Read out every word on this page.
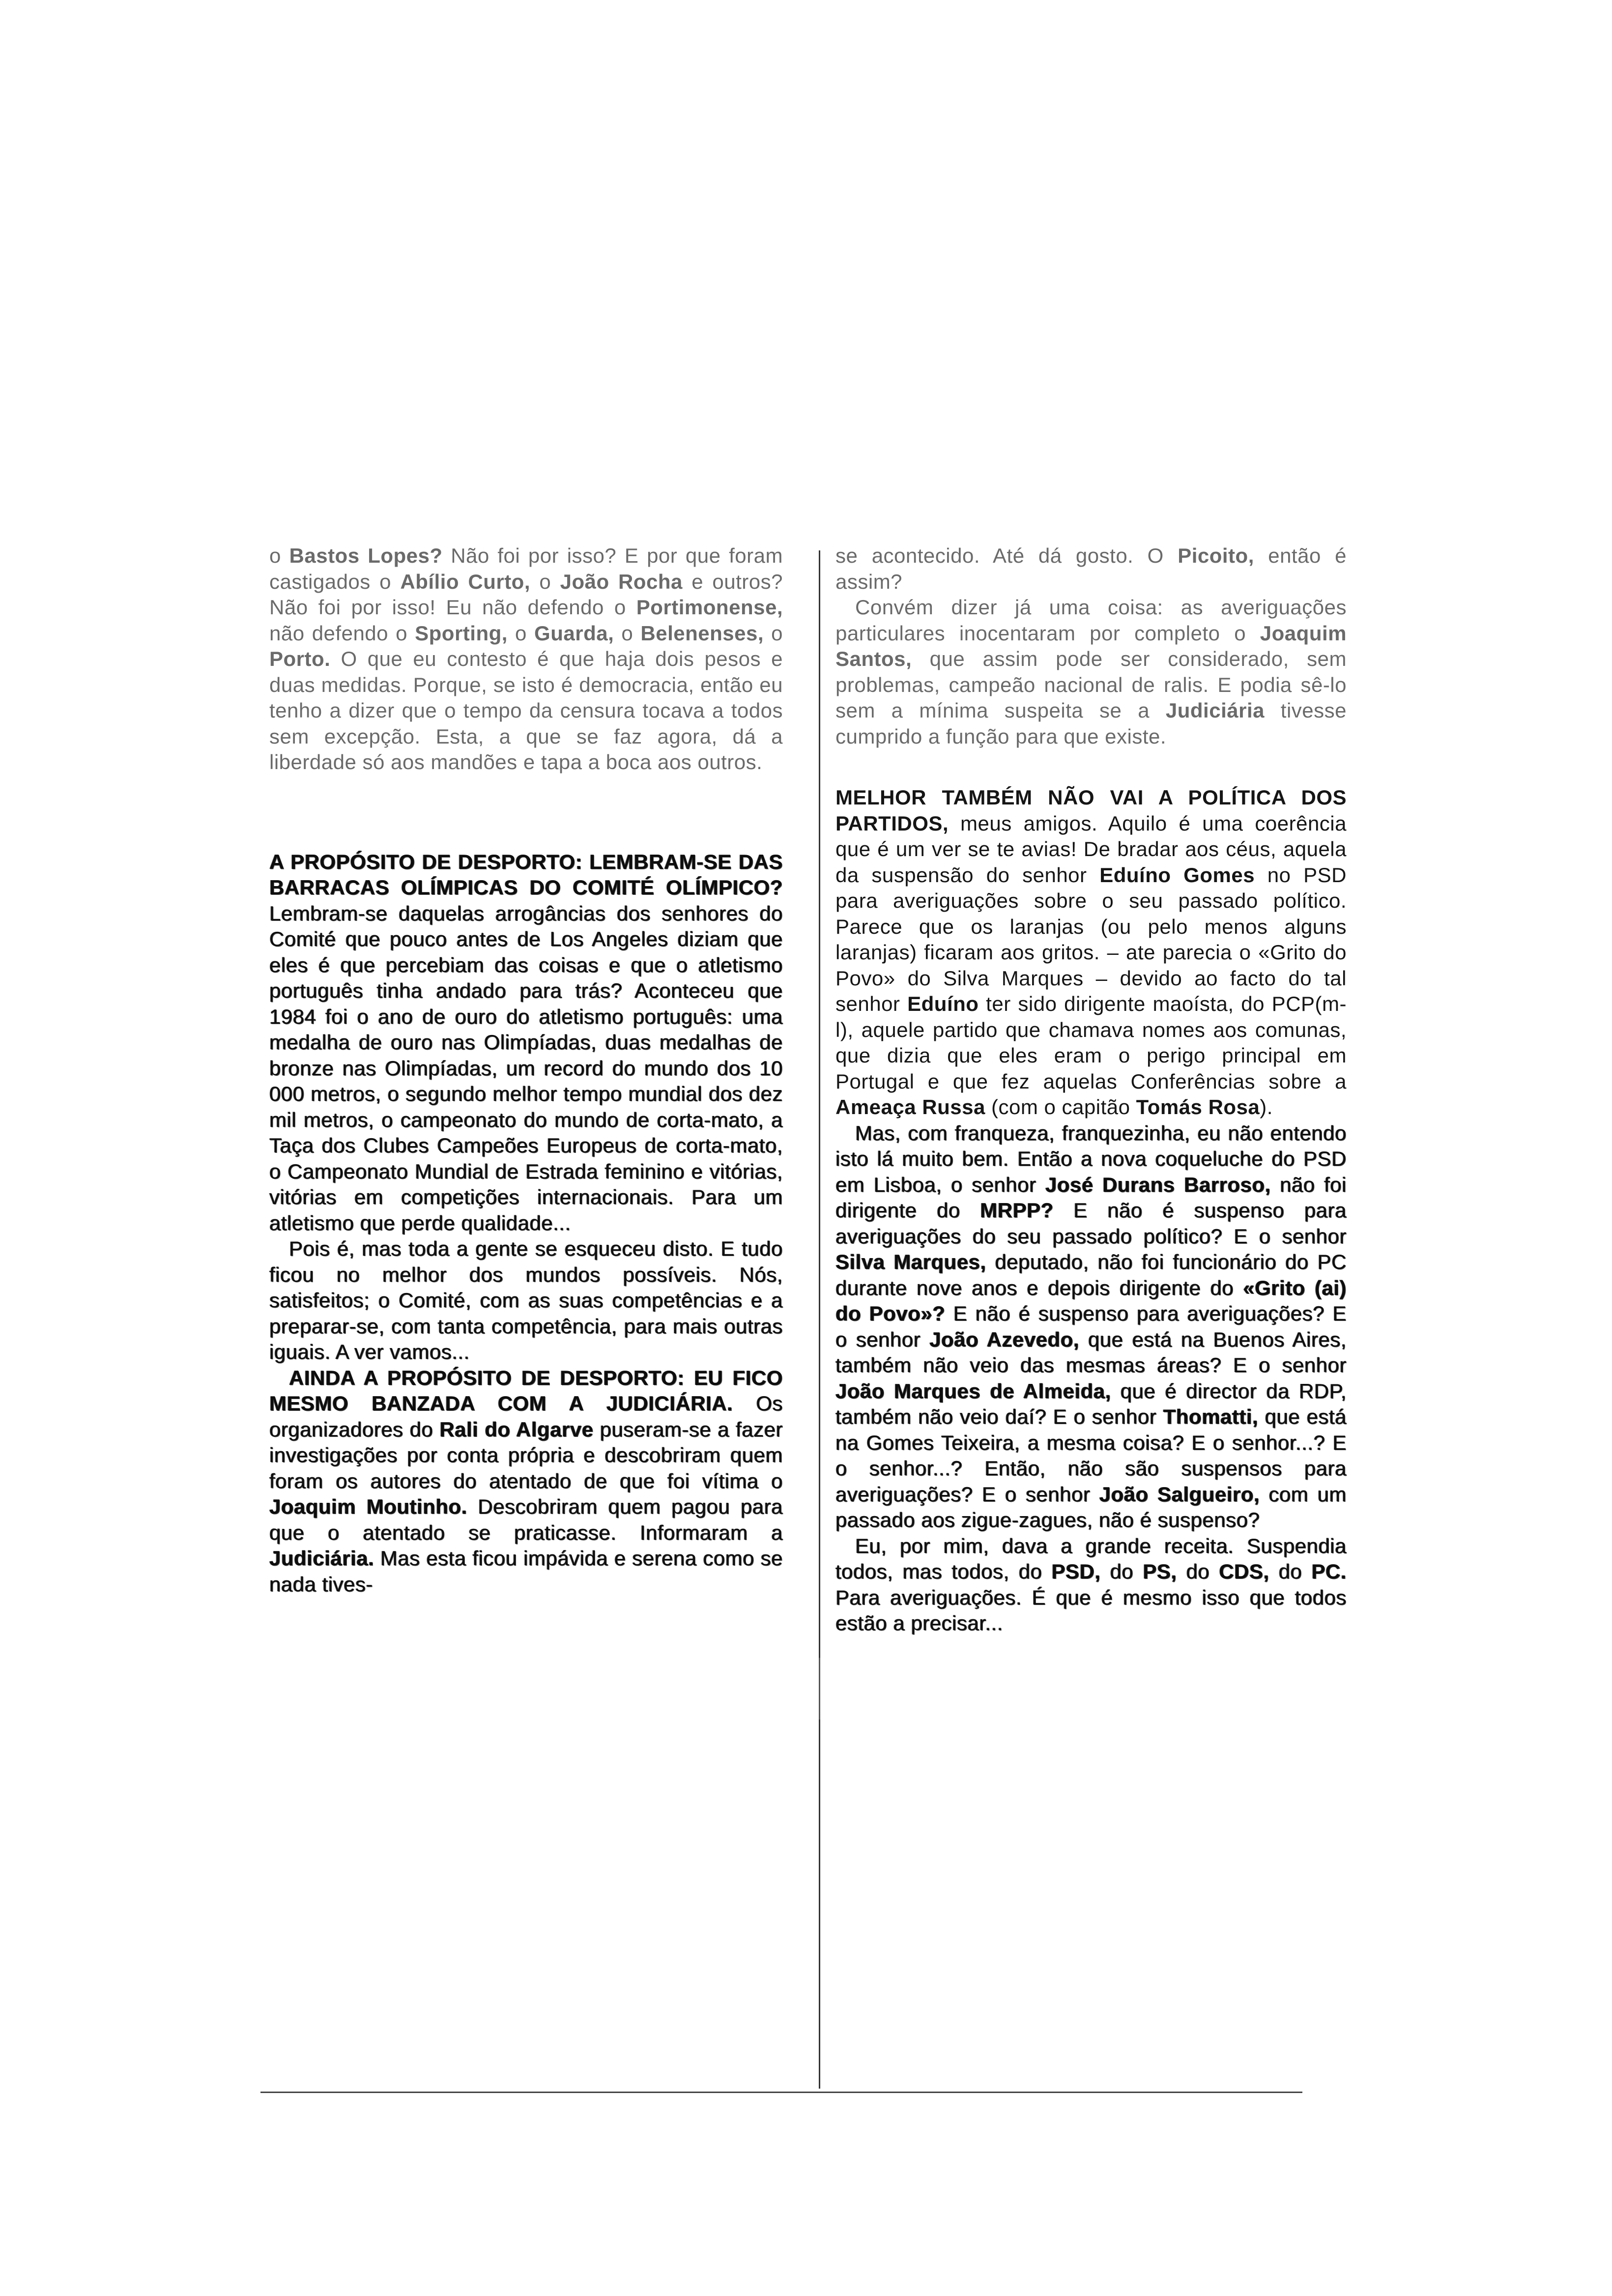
o Bastos Lopes? Não foi por isso? E por que foram castigados o Abílio Curto, o João Rocha e outros? Não foi por isso! Eu não defendo o Portimonense, não defendo o Sporting, o Guarda, o Belenenses, o Porto. O que eu contesto é que haja dois pesos e duas medidas. Porque, se isto é democracia, então eu tenho a dizer que o tempo da censura tocava a todos sem excepção. Esta, a que se faz agora, dá a liberdade só aos mandões e tapa a boca aos outros.

A PROPÓSITO DE DESPORTO: LEMBRAM-SE DAS BARRACAS OLÍMPICAS DO COMITÉ OLÍMPICO? Lembram-se daquelas arrogâncias dos senhores do Comité que pouco antes de Los Angeles diziam que eles é que percebiam das coisas e que o atletismo português tinha andado para trás? Aconteceu que 1984 foi o ano de ouro do atletismo português: uma medalha de ouro nas Olimpíadas, duas medalhas de bronze nas Olimpíadas, um record do mundo dos 10 000 metros, o segundo melhor tempo mundial dos dez mil metros, o campeonato do mundo de corta-mato, a Taça dos Clubes Campeões Europeus de corta-mato, o Campeonato Mundial de Estrada feminino e vitórias, vitórias em competições internacionais. Para um atletismo que perde qualidade...

Pois é, mas toda a gente se esqueceu disto. E tudo ficou no melhor dos mundos possíveis. Nós, satisfeitos; o Comité, com as suas competências e a preparar-se, com tanta competência, para mais outras iguais. A ver vamos...

AINDA A PROPÓSITO DE DESPORTO: EU FICO MESMO BANZADA COM A JUDICIÁRIA. Os organizadores do Rali do Algarve puseram-se a fazer investigações por conta própria e descobriram quem foram os autores do atentado de que foi vítima o Joaquim Moutinho. Descobriram quem pagou para que o atentado se praticasse. Informaram a Judiciária. Mas esta ficou impávida e serena como se nada tives-

se acontecido. Até dá gosto. O Picoito, então é assim?

Convém dizer já uma coisa: as averiguações particulares inocentaram por completo o Joaquim Santos, que assim pode ser considerado, sem problemas, campeão nacional de ralis. E podia sê-lo sem a mínima suspeita se a Judiciária tivesse cumprido a função para que existe.

MELHOR TAMBÉM NÃO VAI A POLÍTICA DOS PARTIDOS, meus amigos. Aquilo é uma coerência que é um ver se te avias! De bradar aos céus, aquela da suspensão do senhor Eduíno Gomes no PSD para averiguações sobre o seu passado político. Parece que os laranjas (ou pelo menos alguns laranjas) ficaram aos gritos. – ate parecia o «Grito do Povo» do Silva Marques – devido ao facto do tal senhor Eduíno ter sido dirigente maoísta, do PCP(m-l), aquele partido que chamava nomes aos comunas, que dizia que eles eram o perigo principal em Portugal e que fez aquelas Conferências sobre a Ameaça Russa (com o capitão Tomás Rosa).

Mas, com franqueza, franquezinha, eu não entendo isto lá muito bem. Então a nova coqueluche do PSD em Lisboa, o senhor José Durans Barroso, não foi dirigente do MRPP? E não é suspenso para averiguações do seu passado político? E o senhor Silva Marques, deputado, não foi funcionário do PC durante nove anos e depois dirigente do «Grito (ai) do Povo»? E não é suspenso para averiguações? E o senhor João Azevedo, que está na Buenos Aires, também não veio das mesmas áreas? E o senhor João Marques de Almeida, que é director da RDP, também não veio daí? E o senhor Thomatti, que está na Gomes Teixeira, a mesma coisa? E o senhor...? E o senhor...? Então, não são suspensos para averiguações? E o senhor João Salgueiro, com um passado aos zigue-zagues, não é suspenso?

Eu, por mim, dava a grande receita. Suspendia todos, mas todos, do PSD, do PS, do CDS, do PC. Para averiguações. É que é mesmo isso que todos estão a precisar...
